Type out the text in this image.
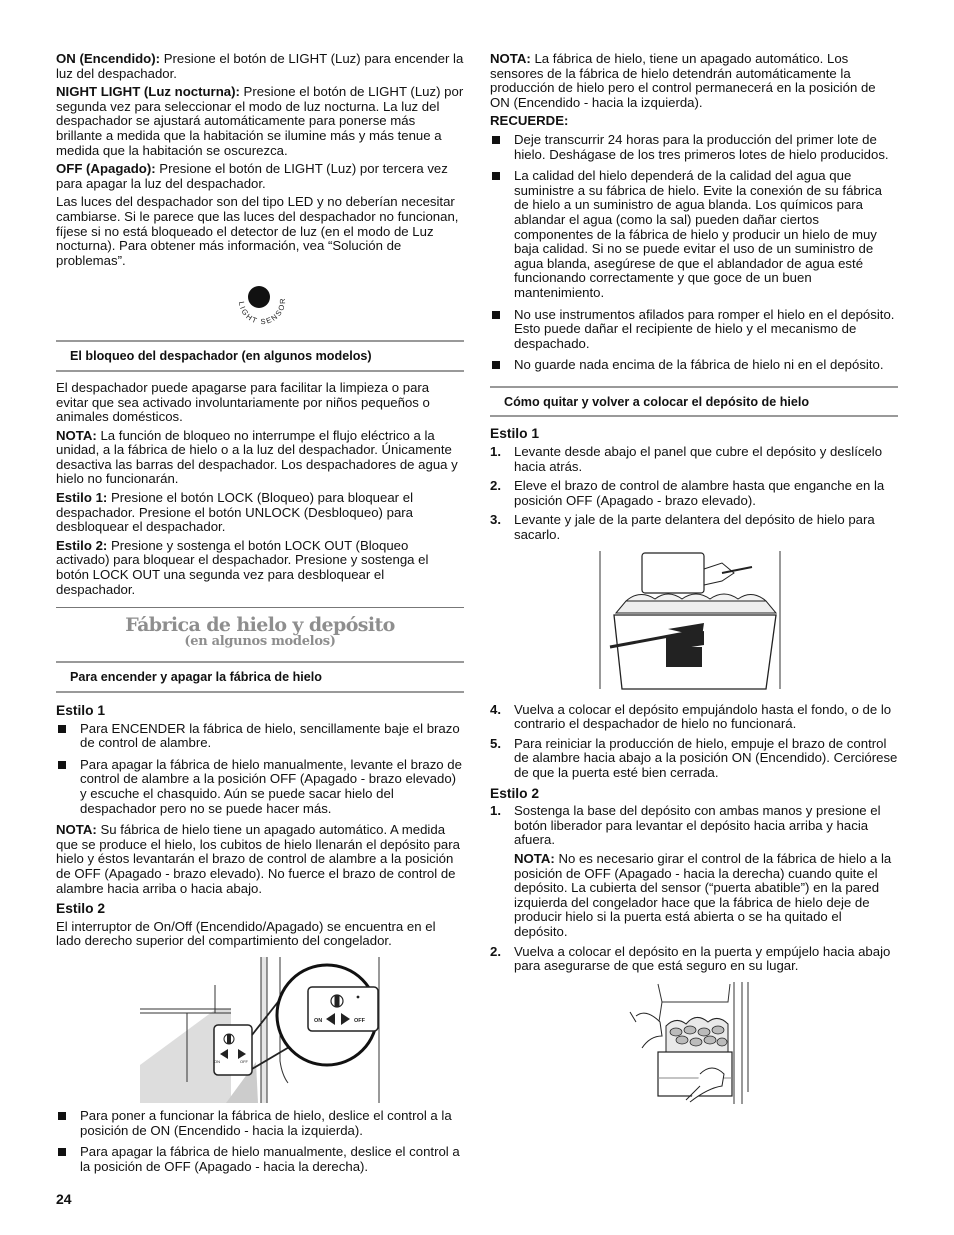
ON (Encendido): Presione el botón de LIGHT (Luz) para encender la luz del despachador.

NIGHT LIGHT (Luz nocturna): Presione el botón de LIGHT (Luz) por segunda vez para seleccionar el modo de luz nocturna. La luz del despachador se ajustará automáticamente para ponerse más brillante a medida que la habitación se ilumine más y más tenue a medida que la habitación se oscurezca.

OFF (Apagado): Presione el botón de LIGHT (Luz) por tercera vez para apagar la luz del despachador.

Las luces del despachador son del tipo LED y no deberían necesitar cambiarse. Si le parece que las luces del despachador no funcionan, fíjese si no está bloqueado el detector de luz (en el modo de Luz nocturna). Para obtener más información, vea “Solución de problemas”.

LIGHT SENSOR
El bloqueo del despachador (en algunos modelos)

El despachador puede apagarse para facilitar la limpieza o para evitar que sea activado involuntariamente por niños pequeños o animales domésticos.

NOTA: La función de bloqueo no interrumpe el flujo eléctrico a la unidad, a la fábrica de hielo o a la luz del despachador. Únicamente desactiva las barras del despachador. Los despachadores de agua y hielo no funcionarán.

Estilo 1: Presione el botón LOCK (Bloqueo) para bloquear el despachador. Presione el botón UNLOCK (Desbloqueo) para desbloquear el despachador.

Estilo 2: Presione y sostenga el botón LOCK OUT (Bloqueo activado) para bloquear el despachador. Presione y sostenga el botón LOCK OUT una segunda vez para desbloquear el despachador.

Fábrica de hielo y depósito
(en algunos modelos)
Para encender y apagar la fábrica de hielo

Estilo 1

Para ENCENDER la fábrica de hielo, sencillamente baje el brazo de control de alambre.
Para apagar la fábrica de hielo manualmente, levante el brazo de control de alambre a la posición OFF (Apagado - brazo elevado) y escuche el chasquido. Aún se puede sacar hielo del despachador pero no se puede hacer más.

NOTA: Su fábrica de hielo tiene un apagado automático. A medida que se produce el hielo, los cubitos de hielo llenarán el depósito para hielo y éstos levantarán el brazo de control de alambre a la posición de OFF (Apagado - brazo elevado). No fuerce el brazo de control de alambre hacia arriba o hacia abajo.

Estilo 2

El interruptor de On/Off (Encendido/Apagado) se encuentra en el lado derecho superior del compartimiento del congelador.

ON	OFF
ON	OFF
Para poner a funcionar la fábrica de hielo, deslice el control a la posición de ON (Encendido - hacia la izquierda).
Para apagar la fábrica de hielo manualmente, deslice el control a la posición de OFF (Apagado - hacia la derecha).

NOTA: La fábrica de hielo, tiene un apagado automático. Los sensores de la fábrica de hielo detendrán automáticamente la producción de hielo pero el control permanecerá en la posición de ON (Encendido - hacia la izquierda).

RECUERDE:

Deje transcurrir 24 horas para la producción del primer lote de hielo. Deshágase de los tres primeros lotes de hielo producidos.
La calidad del hielo dependerá de la calidad del agua que suministre a su fábrica de hielo. Evite la conexión de su fábrica de hielo a un suministro de agua blanda. Los químicos para ablandar el agua (como la sal) pueden dañar ciertos componentes de la fábrica de hielo y producir un hielo de muy baja calidad. Si no se puede evitar el uso de un suministro de agua blanda, asegúrese de que el ablandador de agua esté funcionando correctamente y que goce de un buen mantenimiento.
No use instrumentos afilados para romper el hielo en el depósito. Esto puede dañar el recipiente de hielo y el mecanismo de despachado.
No guarde nada encima de la fábrica de hielo ni en el depósito.
Cómo quitar y volver a colocar el depósito de hielo

Estilo 1

1. Levante desde abajo el panel que cubre el depósito y deslícelo hacia atrás.
2. Eleve el brazo de control de alambre hasta que enganche en la posición OFF (Apagado - brazo elevado).
3. Levante y jale de la parte delantera del depósito de hielo para sacarlo.
4. Vuelva a colocar el depósito empujándolo hasta el fondo, o de lo contrario el despachador de hielo no funcionará.
5. Para reiniciar la producción de hielo, empuje el brazo de control de alambre hacia abajo a la posición ON (Encendido). Cerciórese de que la puerta esté bien cerrada.

Estilo 2

1. Sostenga la base del depósito con ambas manos y presione el botón liberador para levantar el depósito hacia arriba y hacia afuera.

NOTA: No es necesario girar el control de la fábrica de hielo a la posición de OFF (Apagado - hacia la derecha) cuando quite el depósito. La cubierta del sensor (“puerta abatible”) en la pared izquierda del congelador hace que la fábrica de hielo deje de producir hielo si la puerta está abierta o se ha quitado el depósito.

2. Vuelva a colocar el depósito en la puerta y empújelo hacia abajo para asegurarse de que está seguro en su lugar.
24
